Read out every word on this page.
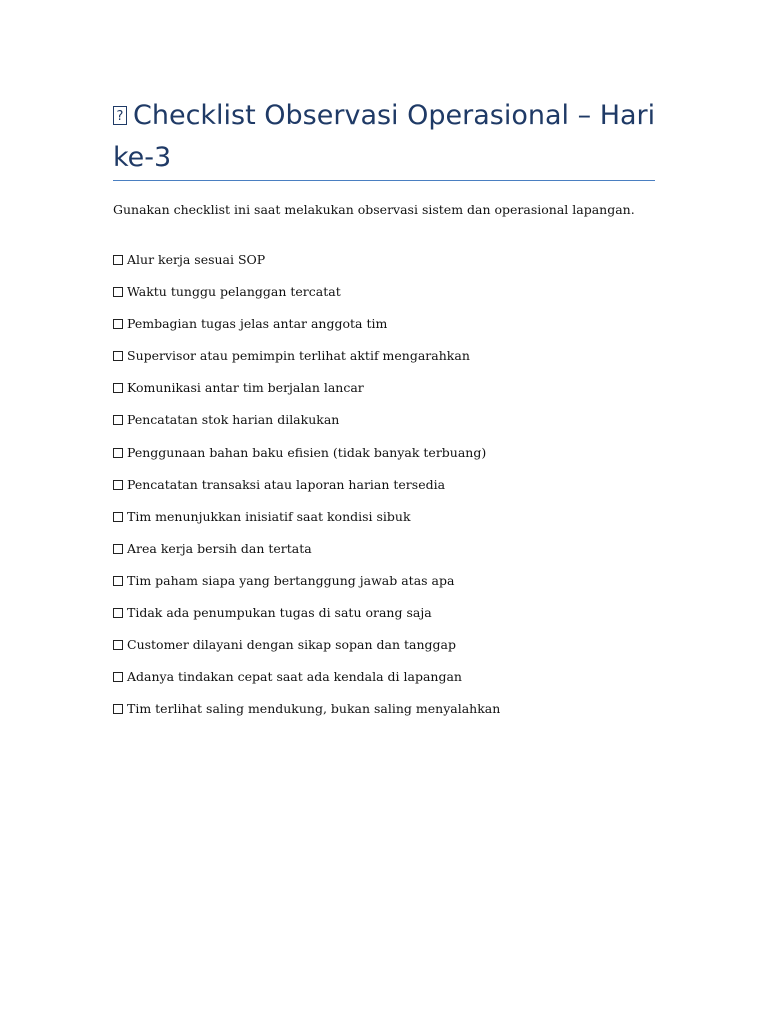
?Checklist Observasi Operasional – Hari ke-3

Gunakan checklist ini saat melakukan observasi sistem dan operasional lapangan.

Alur kerja sesuai SOP
Waktu tunggu pelanggan tercatat
Pembagian tugas jelas antar anggota tim
Supervisor atau pemimpin terlihat aktif mengarahkan
Komunikasi antar tim berjalan lancar
Pencatatan stok harian dilakukan
Penggunaan bahan baku efisien (tidak banyak terbuang)
Pencatatan transaksi atau laporan harian tersedia
Tim menunjukkan inisiatif saat kondisi sibuk
Area kerja bersih dan tertata
Tim paham siapa yang bertanggung jawab atas apa
Tidak ada penumpukan tugas di satu orang saja
Customer dilayani dengan sikap sopan dan tanggap
Adanya tindakan cepat saat ada kendala di lapangan
Tim terlihat saling mendukung, bukan saling menyalahkan
